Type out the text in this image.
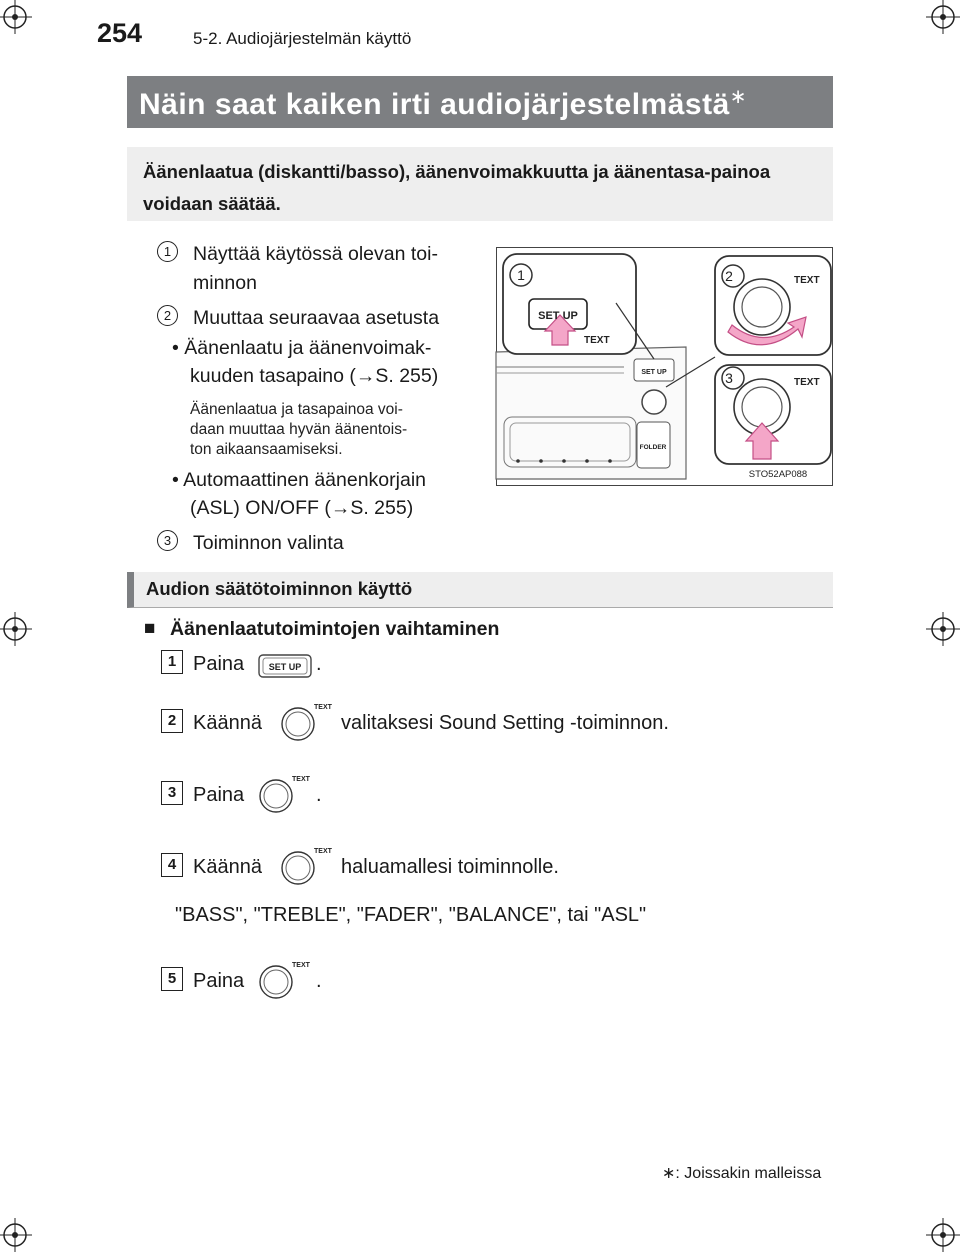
254	5-2. Audiojärjestelmän käyttö
Näin saat kaiken irti audiojärjestelmästä∗
Äänenlaatua (diskantti/basso), äänenvoimakkuutta ja äänentasa-painoa voidaan säätää.
1	Näyttää käytössä olevan toi-
minnon
2	Muuttaa seuraavaa asetusta
• Äänenlaatu ja äänenvoimak-
kuuden tasapaino (→S. 255)
Äänenlaatua ja tasapainoa voi-
daan muuttaa hyvän äänentois-
ton aikaansaamiseksi.
• Automaattinen äänenkorjain
(ASL) ON/OFF (→S. 255)
3	Toiminnon valinta
2
3
1
SET UP
TEXT
TEXT
TEXT
SET UP
FOLDER
STO52AP088
Audion säätötoiminnon käyttö
■ Äänenlaatutoimintojen vaihtaminen
1 Paina	SET UP .
2 Käännä
TEXT
valitaksesi Sound Setting -toiminnon.
3 Paina
TEXT
.
4 Käännä
TEXT
haluamallesi toiminnolle.
"BASS", "TREBLE", "FADER", "BALANCE", tai "ASL"
5 Paina
TEXT
.
∗: Joissakin malleissa
